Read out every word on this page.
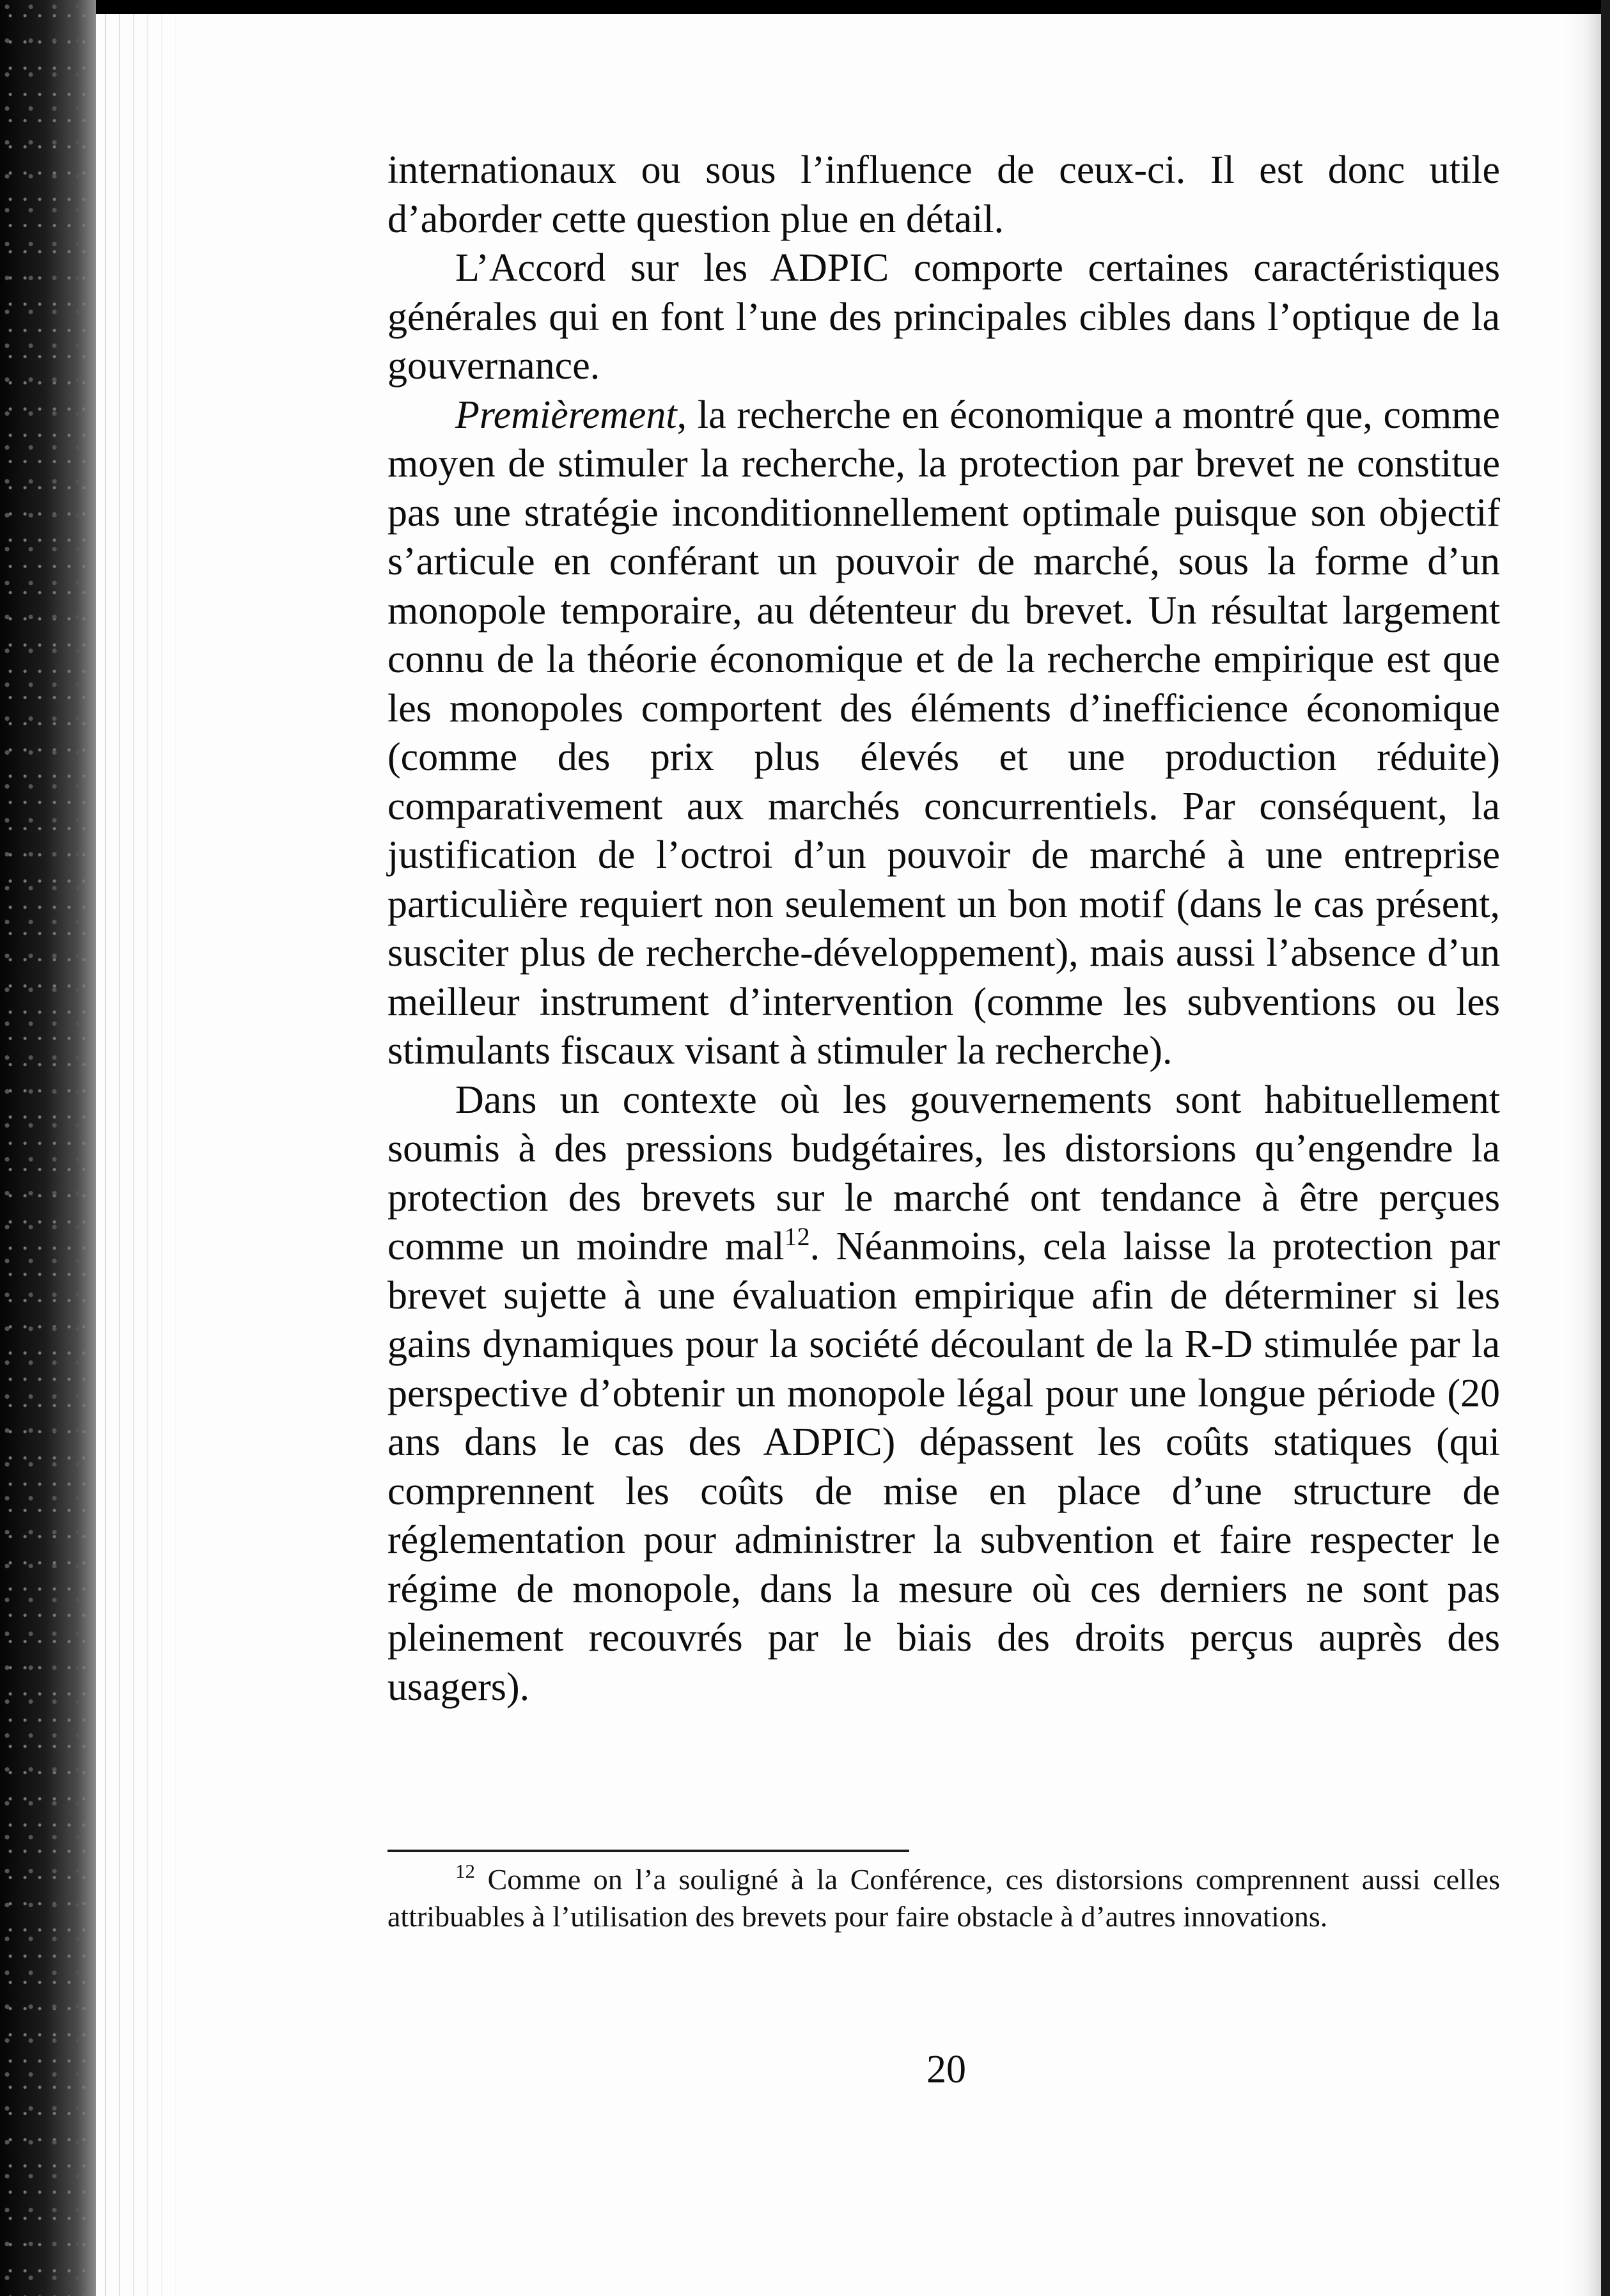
internationaux ou sous l’influence de ceux-ci. Il est donc utile d’aborder cette question plue en détail.

L’Accord sur les ADPIC comporte certaines caractéristiques générales qui en font l’une des principales cibles dans l’optique de la gouvernance.

Premièrement, la recherche en économique a montré que, comme moyen de stimuler la recherche, la protection par brevet ne constitue pas une stratégie inconditionnellement optimale puisque son objectif s’articule en conférant un pouvoir de marché, sous la forme d’un monopole temporaire, au détenteur du brevet. Un résultat largement connu de la théorie économique et de la recherche empirique est que les monopoles comportent des éléments d’inefficience économique (comme des prix plus élevés et une production réduite) comparativement aux marchés concurrentiels. Par conséquent, la justification de l’octroi d’un pouvoir de marché à une entreprise particulière requiert non seulement un bon motif (dans le cas présent, susciter plus de recherche-développement), mais aussi l’absence d’un meilleur instrument d’intervention (comme les subventions ou les stimulants fiscaux visant à stimuler la recherche).

Dans un contexte où les gouvernements sont habituellement soumis à des pressions budgétaires, les distorsions qu’engendre la protection des brevets sur le marché ont tendance à être perçues comme un moindre mal$^{12}$. Néanmoins, cela laisse la protection par brevet sujette à une évaluation empirique afin de déterminer si les gains dynamiques pour la société découlant de la R-D stimulée par la perspective d’obtenir un monopole légal pour une longue période (20 ans dans le cas des ADPIC) dépassent les coûts statiques (qui comprennent les coûts de mise en place d’une structure de réglementation pour administrer la subvention et faire respecter le régime de monopole, dans la mesure où ces derniers ne sont pas pleinement recouvrés par le biais des droits perçus auprès des usagers).

$^{12}$ Comme on l’a souligné à la Conférence, ces distorsions comprennent aussi celles attribuables à l’utilisation des brevets pour faire obstacle à d’autres innovations.

20
